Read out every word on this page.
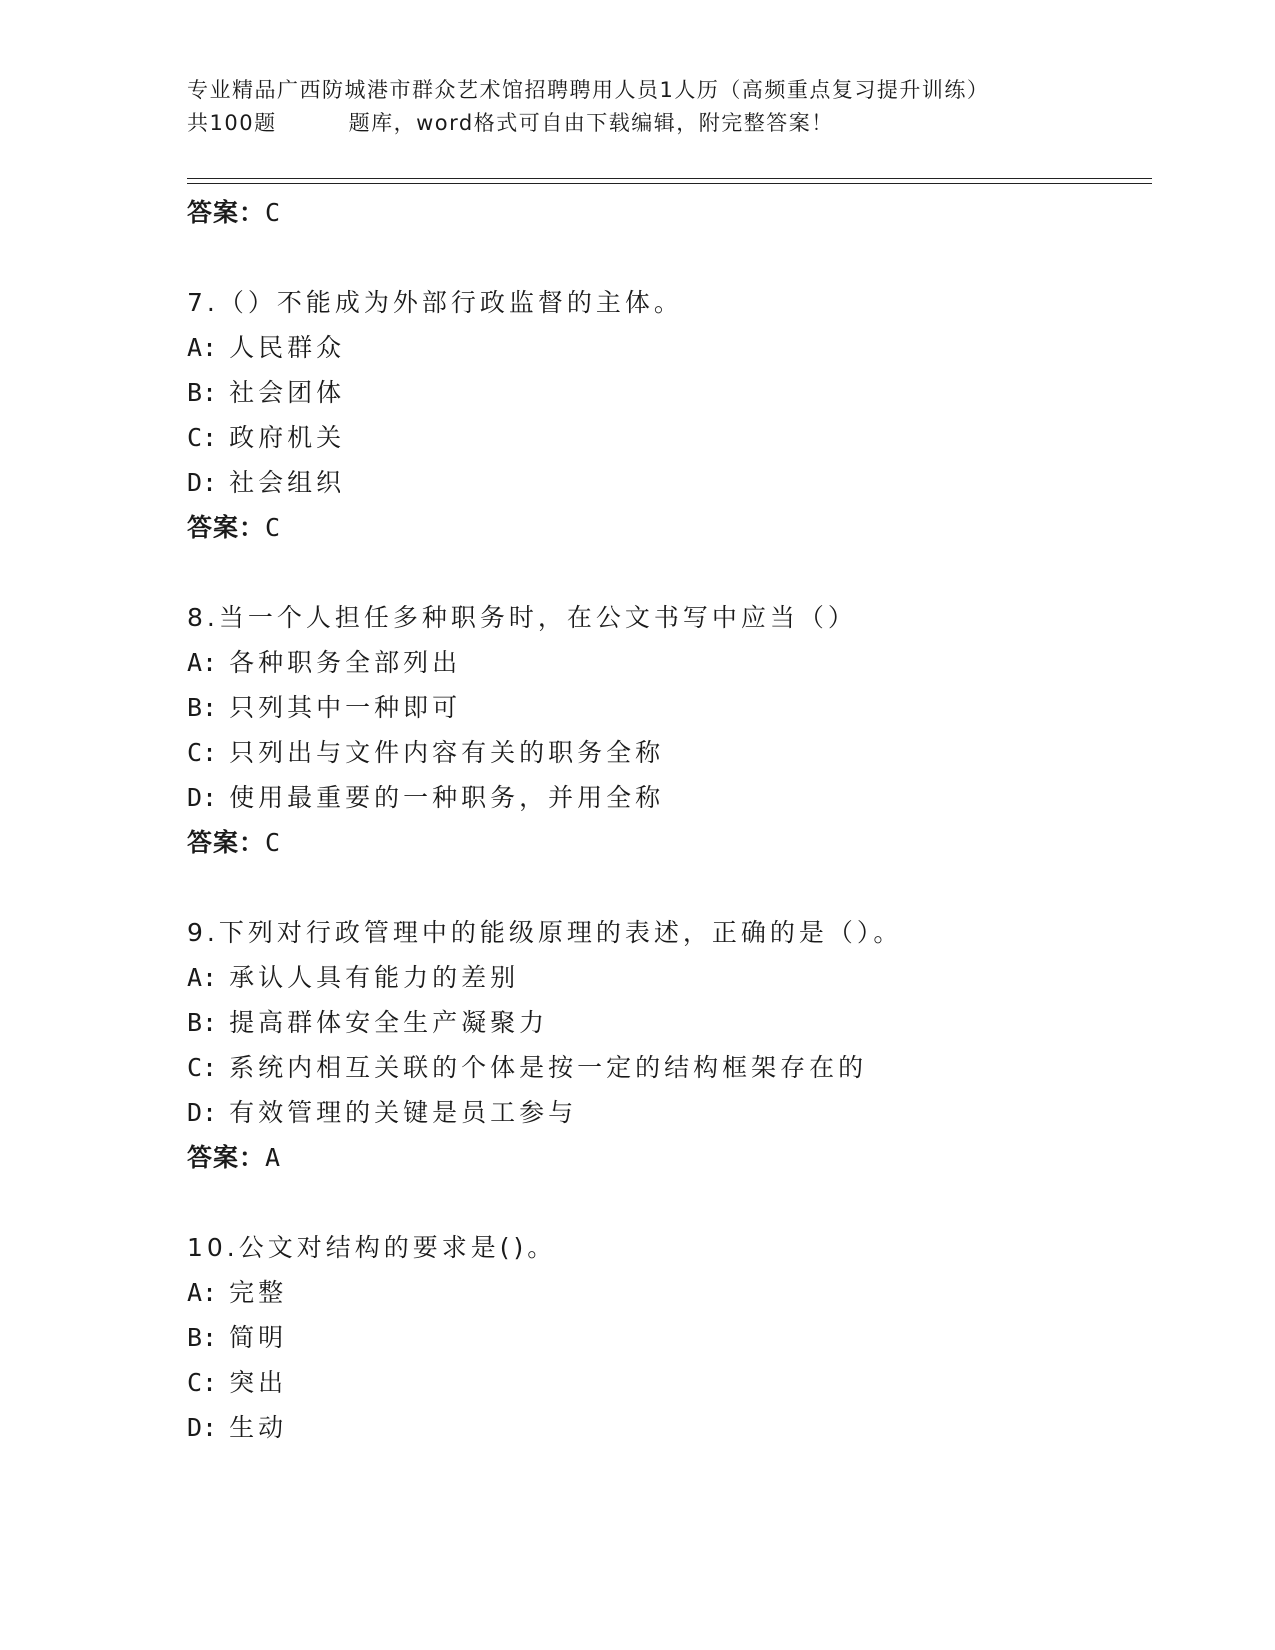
专业精品广西防城港市群众艺术馆招聘聘用人员1人历（高频重点复习提升训练）
共100题	题库，word格式可自由下载编辑，附完整答案！
答案：C
7.（）不能成为外部行政监督的主体。
A: 人民群众
B: 社会团体
C: 政府机关
D: 社会组织
答案：C
8.当一个人担任多种职务时，在公文书写中应当（）
A: 各种职务全部列出
B: 只列其中一种即可
C: 只列出与文件内容有关的职务全称
D: 使用最重要的一种职务，并用全称
答案：C
9.下列对行政管理中的能级原理的表述，正确的是（）。
A: 承认人具有能力的差别
B: 提高群体安全生产凝聚力
C: 系统内相互关联的个体是按一定的结构框架存在的
D: 有效管理的关键是员工参与
答案：A
10.公文对结构的要求是()。
A: 完整
B: 简明
C: 突出
D: 生动
